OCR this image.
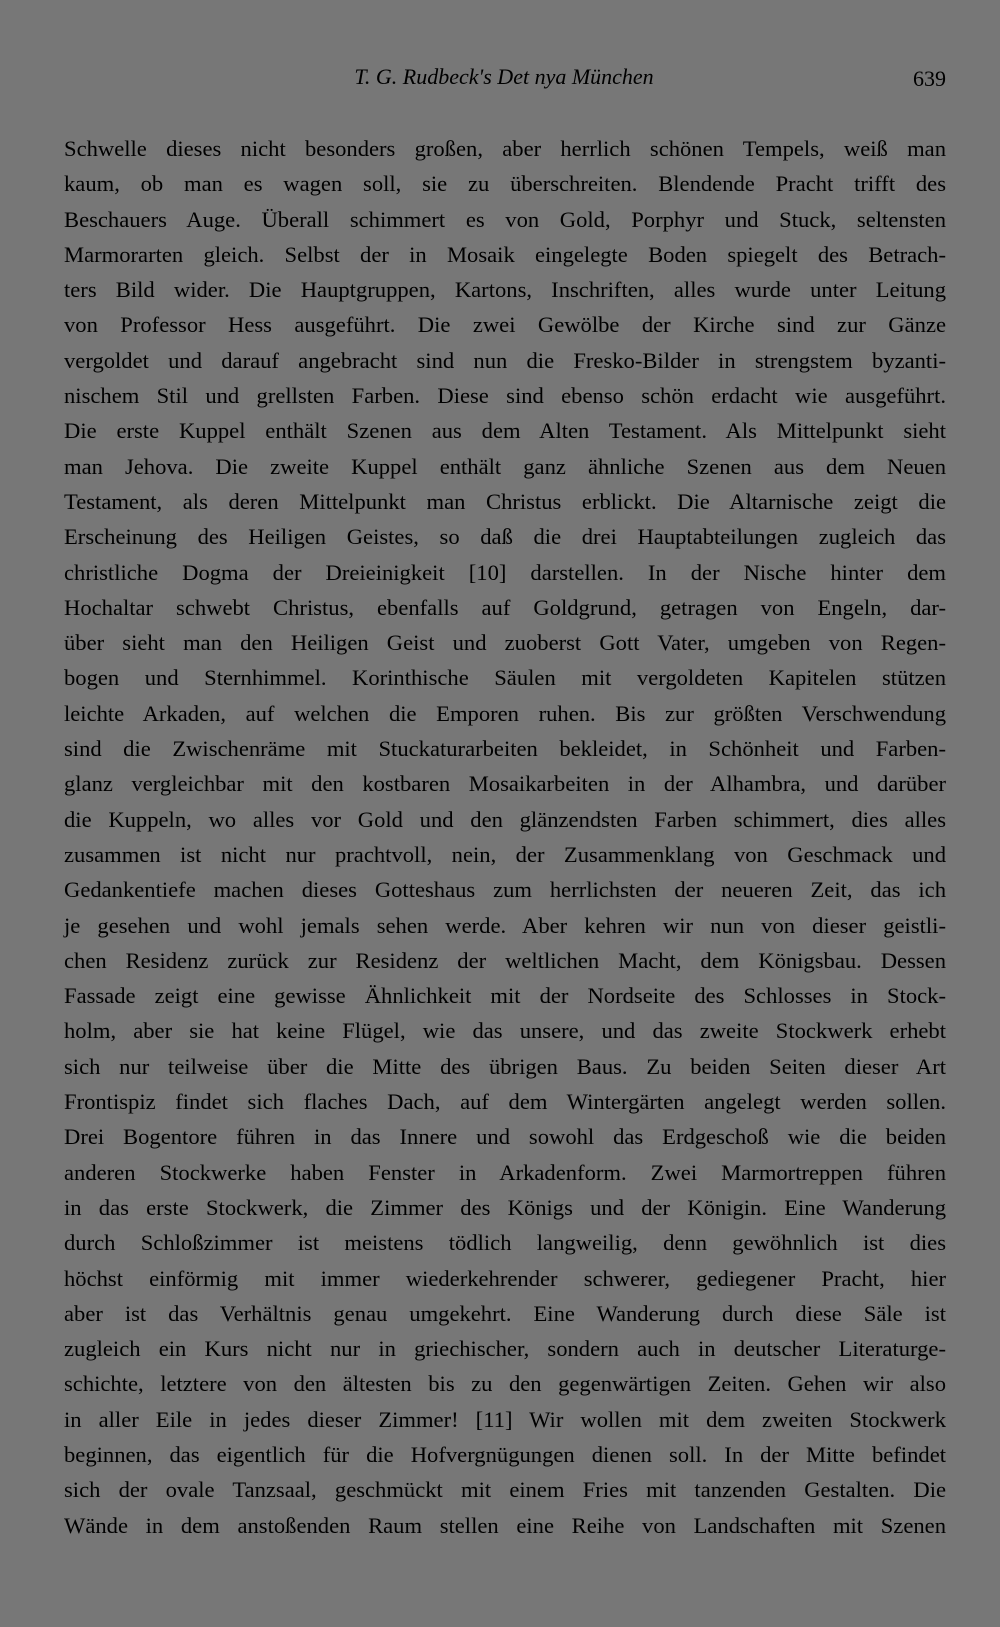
T. G. Rudbeck's Det nya München	639
Schwelle dieses nicht besonders großen, aber herrlich schönen Tempels, weiß man
kaum, ob man es wagen soll, sie zu überschreiten. Blendende Pracht trifft des
Beschauers Auge. Überall schimmert es von Gold, Porphyr und Stuck, seltensten
Marmorarten gleich. Selbst der in Mosaik eingelegte Boden spiegelt des Betrach-
ters Bild wider. Die Hauptgruppen, Kartons, Inschriften, alles wurde unter Leitung
von Professor Hess ausgeführt. Die zwei Gewölbe der Kirche sind zur Gänze
vergoldet und darauf angebracht sind nun die Fresko-Bilder in strengstem byzanti-
nischem Stil und grellsten Farben. Diese sind ebenso schön erdacht wie ausgeführt.
Die erste Kuppel enthält Szenen aus dem Alten Testament. Als Mittelpunkt sieht
man Jehova. Die zweite Kuppel enthält ganz ähnliche Szenen aus dem Neuen
Testament, als deren Mittelpunkt man Christus erblickt. Die Altarnische zeigt die
Erscheinung des Heiligen Geistes, so daß die drei Hauptabteilungen zugleich das
christliche Dogma der Dreieinigkeit [10] darstellen. In der Nische hinter dem
Hochaltar schwebt Christus, ebenfalls auf Goldgrund, getragen von Engeln, dar-
über sieht man den Heiligen Geist und zuoberst Gott Vater, umgeben von Regen-
bogen und Sternhimmel. Korinthische Säulen mit vergoldeten Kapitelen stützen
leichte Arkaden, auf welchen die Emporen ruhen. Bis zur größten Verschwendung
sind die Zwischenräme mit Stuckaturarbeiten bekleidet, in Schönheit und Farben-
glanz vergleichbar mit den kostbaren Mosaikarbeiten in der Alhambra, und darüber
die Kuppeln, wo alles vor Gold und den glänzendsten Farben schimmert, dies alles
zusammen ist nicht nur prachtvoll, nein, der Zusammenklang von Geschmack und
Gedankentiefe machen dieses Gotteshaus zum herrlichsten der neueren Zeit, das ich
je gesehen und wohl jemals sehen werde. Aber kehren wir nun von dieser geistli-
chen Residenz zurück zur Residenz der weltlichen Macht, dem Königsbau. Dessen
Fassade zeigt eine gewisse Ähnlichkeit mit der Nordseite des Schlosses in Stock-
holm, aber sie hat keine Flügel, wie das unsere, und das zweite Stockwerk erhebt
sich nur teilweise über die Mitte des übrigen Baus. Zu beiden Seiten dieser Art
Frontispiz findet sich flaches Dach, auf dem Wintergärten angelegt werden sollen.
Drei Bogentore führen in das Innere und sowohl das Erdgeschoß wie die beiden
anderen Stockwerke haben Fenster in Arkadenform. Zwei Marmortreppen führen
in das erste Stockwerk, die Zimmer des Königs und der Königin. Eine Wanderung
durch Schloßzimmer ist meistens tödlich langweilig, denn gewöhnlich ist dies
höchst einförmig mit immer wiederkehrender schwerer, gediegener Pracht, hier
aber ist das Verhältnis genau umgekehrt. Eine Wanderung durch diese Säle ist
zugleich ein Kurs nicht nur in griechischer, sondern auch in deutscher Literaturge-
schichte, letztere von den ältesten bis zu den gegenwärtigen Zeiten. Gehen wir also
in aller Eile in jedes dieser Zimmer! [11] Wir wollen mit dem zweiten Stockwerk
beginnen, das eigentlich für die Hofvergnügungen dienen soll. In der Mitte befindet
sich der ovale Tanzsaal, geschmückt mit einem Fries mit tanzenden Gestalten. Die
Wände in dem anstoßenden Raum stellen eine Reihe von Landschaften mit Szenen
